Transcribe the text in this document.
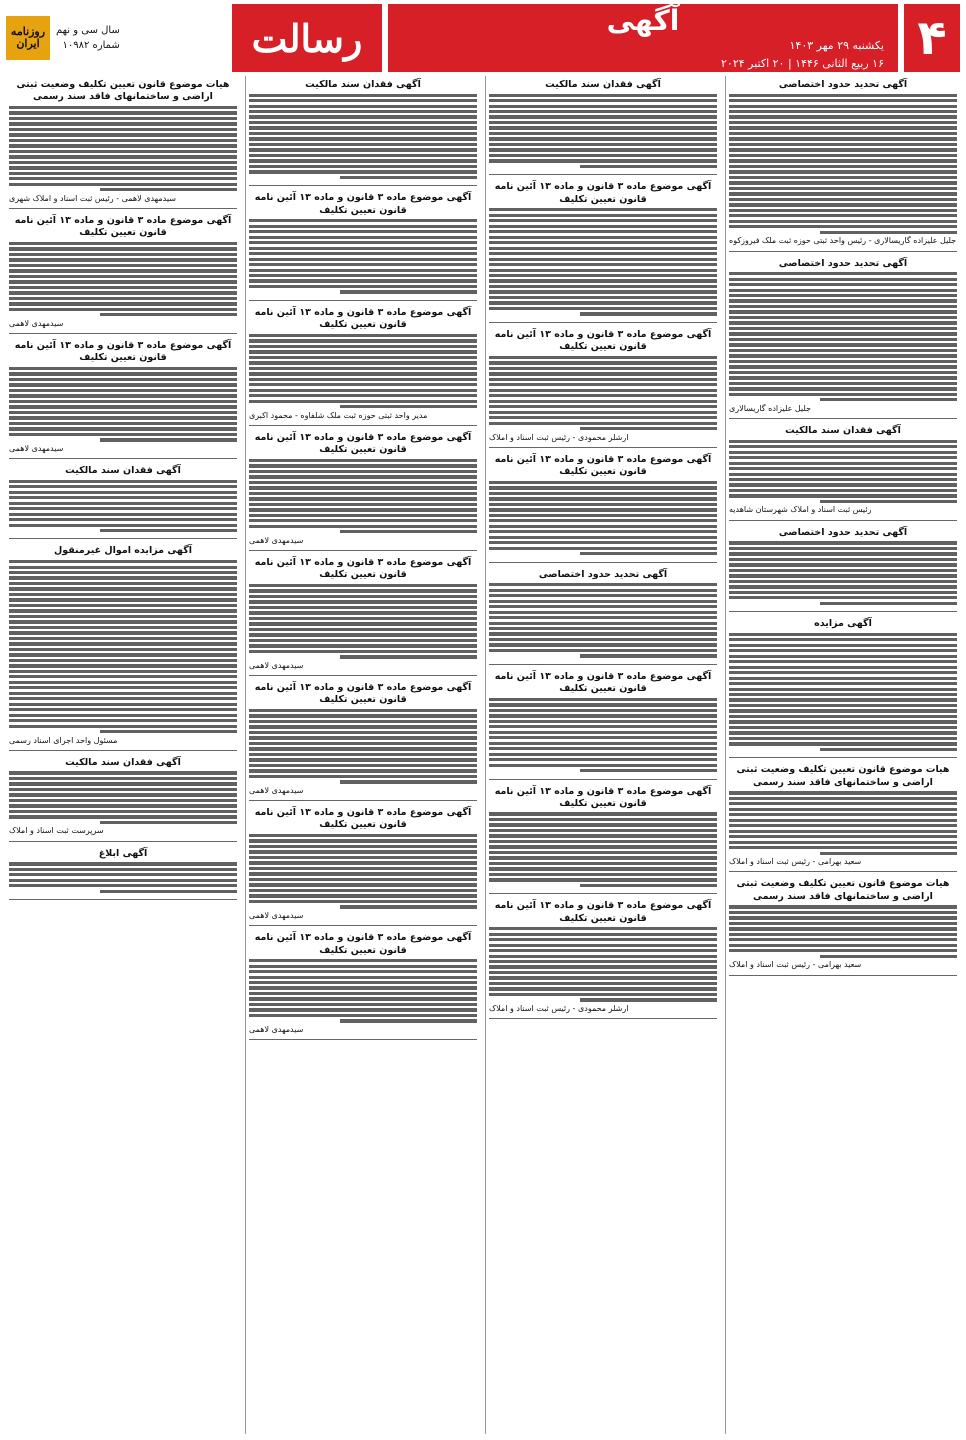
روزنامه
ایران
سال سی و نهم
شماره ۱۰۹۸۲	رسالت	آگهی
یکشنبه ۲۹ مهر ۱۴۰۳
۱۶ ربیع الثانی ۱۴۴۶ | ۲۰ اکتبر ۲۰۲۴ ۴
آگهی تحدید حدود اختصاصی
جلیل علیزاده گاریسالاری - رئیس واحد ثبتی حوزه ثبت ملک فیروزکوه
آگهی تحدید حدود اختصاصی
جلیل علیزاده گاریسالاری
آگهی فقدان سند مالکیت
رئیس ثبت اسناد و املاک شهرستان شاهدیه
آگهی تحدید حدود اختصاصی
آگهی مزایده
هیات موضوع قانون تعیین تکلیف وضعیت ثبتی اراضی و ساختمانهای فاقد سند رسمی
سعید بهرامی - رئیس ثبت اسناد و املاک
هیات موضوع قانون تعیین تکلیف وضعیت ثبتی اراضی و ساختمانهای فاقد سند رسمی
سعید بهرامی - رئیس ثبت اسناد و املاک
آگهی فقدان سند مالکیت
آگهی موضوع ماده ۳ قانون و ماده ۱۳ آئین نامه قانون تعیین تکلیف
آگهی موضوع ماده ۳ قانون و ماده ۱۳ آئین نامه قانون تعیین تکلیف
ارشلر محمودی - رئیس ثبت اسناد و املاک
آگهی موضوع ماده ۳ قانون و ماده ۱۳ آئین نامه قانون تعیین تکلیف
آگهی تحدید حدود اختصاصی
آگهی موضوع ماده ۳ قانون و ماده ۱۳ آئین نامه قانون تعیین تکلیف
آگهی موضوع ماده ۳ قانون و ماده ۱۳ آئین نامه قانون تعیین تکلیف
آگهی موضوع ماده ۳ قانون و ماده ۱۳ آئین نامه قانون تعیین تکلیف
ارشلر محمودی - رئیس ثبت اسناد و املاک
آگهی فقدان سند مالکیت
آگهی موضوع ماده ۳ قانون و ماده ۱۳ آئین نامه قانون تعیین تکلیف
آگهی موضوع ماده ۳ قانون و ماده ۱۳ آئین نامه قانون تعیین تکلیف
مدیر واحد ثبتی حوزه ثبت ملک شلفاوه - محمود اکبری
آگهی موضوع ماده ۳ قانون و ماده ۱۳ آئین نامه قانون تعیین تکلیف
سیدمهدی لاهمی
آگهی موضوع ماده ۳ قانون و ماده ۱۳ آئین نامه قانون تعیین تکلیف
سیدمهدی لاهمی
آگهی موضوع ماده ۳ قانون و ماده ۱۳ آئین نامه قانون تعیین تکلیف
سیدمهدی لاهمی
آگهی موضوع ماده ۳ قانون و ماده ۱۳ آئین نامه قانون تعیین تکلیف
سیدمهدی لاهمی
آگهی موضوع ماده ۳ قانون و ماده ۱۳ آئین نامه قانون تعیین تکلیف
سیدمهدی لاهمی
هیات موضوع قانون تعیین تکلیف وضعیت ثبتی اراضی و ساختمانهای فاقد سند رسمی
سیدمهدی لاهمی - رئیس ثبت اسناد و املاک شهری
آگهی موضوع ماده ۳ قانون و ماده ۱۳ آئین نامه قانون تعیین تکلیف
سیدمهدی لاهمی
آگهی موضوع ماده ۳ قانون و ماده ۱۳ آئین نامه قانون تعیین تکلیف
سیدمهدی لاهمی
آگهی فقدان سند مالکیت
آگهی مزایده اموال غیرمنقول
مسئول واحد اجرای اسناد رسمی
آگهی فقدان سند مالکیت
سرپرست ثبت اسناد و املاک
آگهی ابلاغ
